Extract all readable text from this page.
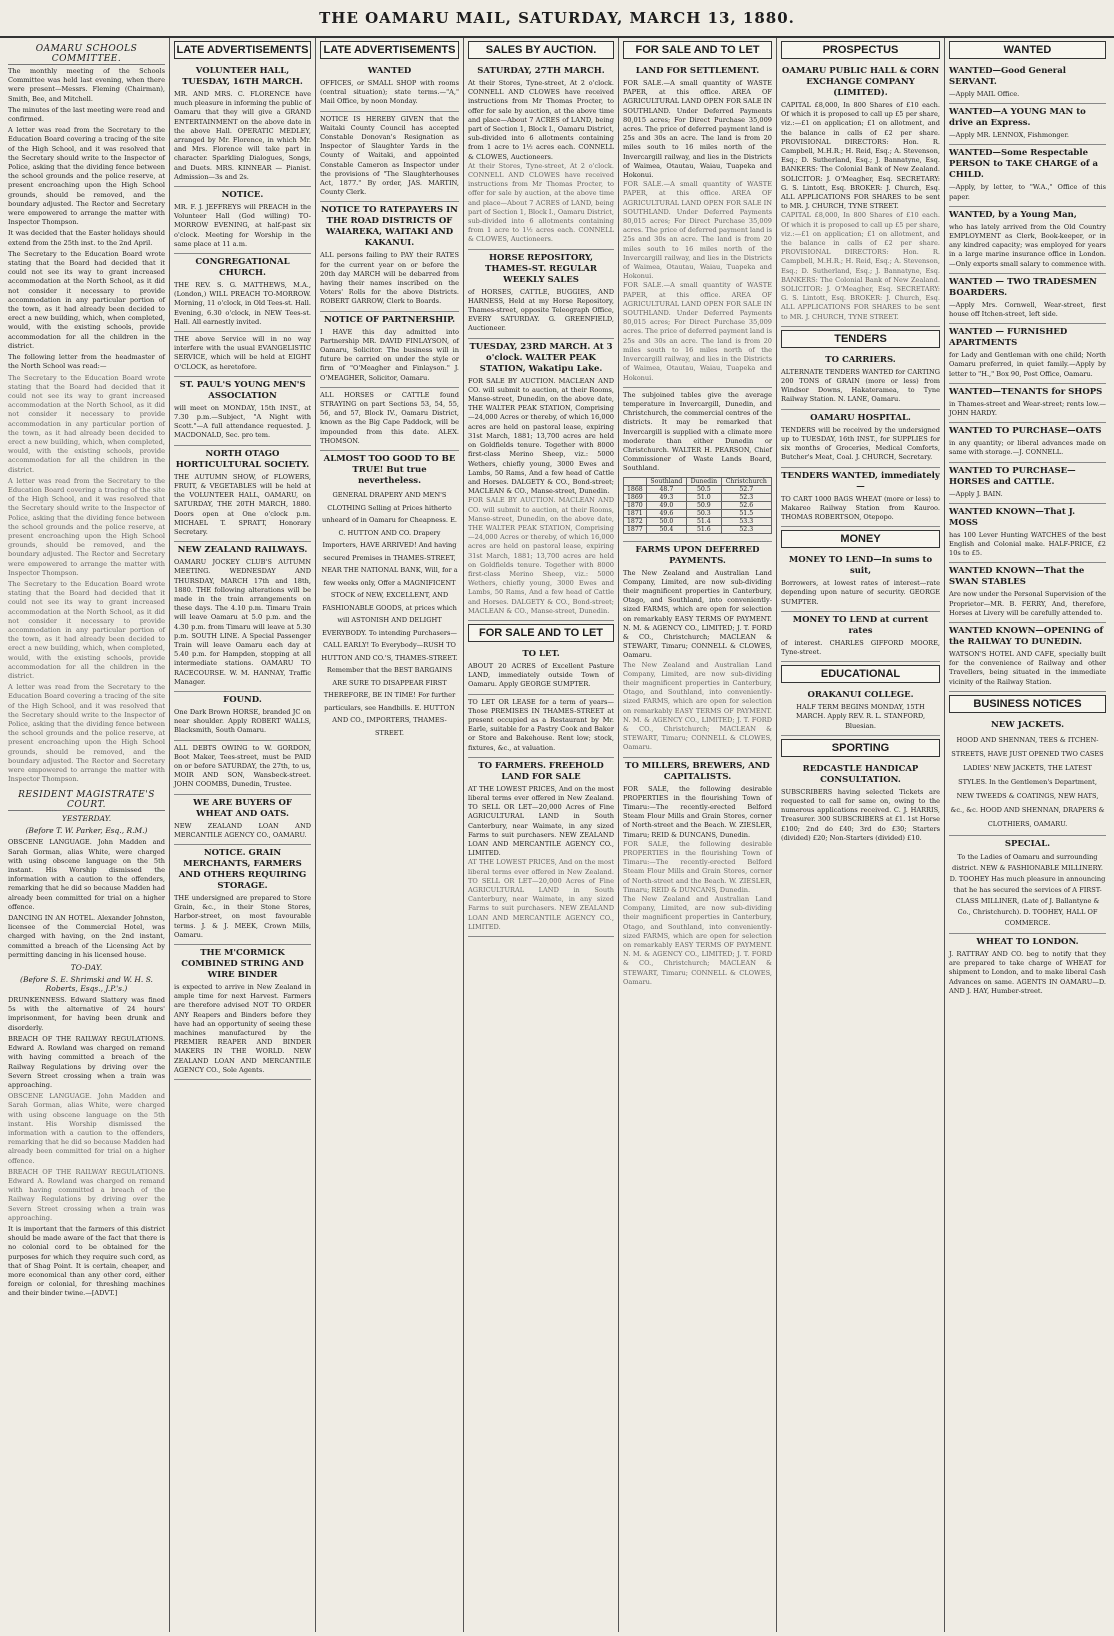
THE OAMARU MAIL, SATURDAY, MARCH 13, 1880.
OAMARU SCHOOLS COMMITTEE.

The monthly meeting of the Schools Committee was held last evening, when there were present—Messrs. Fleming (Chairman), Smith, Bee, and Mitchell.

The minutes of the last meeting were read and confirmed.

A letter was read from the Secretary to the Education Board covering a tracing of the site of the High School, and it was resolved that the Secretary should write to the Inspector of Police, asking that the dividing fence between the school grounds and the police reserve, at present encroaching upon the High School grounds, should be removed, and the boundary adjusted. The Rector and Secretary were empowered to arrange the matter with Inspector Thompson.

It was decided that the Easter holidays should extend from the 25th inst. to the 2nd April.

The Secretary to the Education Board wrote stating that the Board had decided that it could not see its way to grant increased accommodation at the North School, as it did not consider it necessary to provide accommodation in any particular portion of the town, as it had already been decided to erect a new building, which, when completed, would, with the existing schools, provide accommodation for all the children in the district.

The following letter from the headmaster of the North School was read:—

The Secretary to the Education Board wrote stating that the Board had decided that it could not see its way to grant increased accommodation at the North School, as it did not consider it necessary to provide accommodation in any particular portion of the town, as it had already been decided to erect a new building, which, when completed, would, with the existing schools, provide accommodation for all the children in the district.

A letter was read from the Secretary to the Education Board covering a tracing of the site of the High School, and it was resolved that the Secretary should write to the Inspector of Police, asking that the dividing fence between the school grounds and the police reserve, at present encroaching upon the High School grounds, should be removed, and the boundary adjusted. The Rector and Secretary were empowered to arrange the matter with Inspector Thompson.

The Secretary to the Education Board wrote stating that the Board had decided that it could not see its way to grant increased accommodation at the North School, as it did not consider it necessary to provide accommodation in any particular portion of the town, as it had already been decided to erect a new building, which, when completed, would, with the existing schools, provide accommodation for all the children in the district.

A letter was read from the Secretary to the Education Board covering a tracing of the site of the High School, and it was resolved that the Secretary should write to the Inspector of Police, asking that the dividing fence between the school grounds and the police reserve, at present encroaching upon the High School grounds, should be removed, and the boundary adjusted. The Rector and Secretary were empowered to arrange the matter with Inspector Thompson.

RESIDENT MAGISTRATE'S COURT.
YESTERDAY.
(Before T. W. Parker, Esq., R.M.)

OBSCENE LANGUAGE. John Madden and Sarah Gorman, alias White, were charged with using obscene language on the 5th instant. His Worship dismissed the information with a caution to the offenders, remarking that he did so because Madden had already been committed for trial on a higher offence.

DANCING IN AN HOTEL. Alexander Johnston, licensee of the Commercial Hotel, was charged with having, on the 2nd instant, committed a breach of the Licensing Act by permitting dancing in his licensed house.

TO-DAY.
(Before S. E. Shrimski and W. H. S. Roberts, Esqs., J.P.'s.)

DRUNKENNESS. Edward Slattery was fined 5s with the alternative of 24 hours' imprisonment, for having been drunk and disorderly.

BREACH OF THE RAILWAY REGULATIONS. Edward A. Rowland was charged on remand with having committed a breach of the Railway Regulations by driving over the Severn Street crossing when a train was approaching.

OBSCENE LANGUAGE. John Madden and Sarah Gorman, alias White, were charged with using obscene language on the 5th instant. His Worship dismissed the information with a caution to the offenders, remarking that he did so because Madden had already been committed for trial on a higher offence.

BREACH OF THE RAILWAY REGULATIONS. Edward A. Rowland was charged on remand with having committed a breach of the Railway Regulations by driving over the Severn Street crossing when a train was approaching.

It is important that the farmers of this district should be made aware of the fact that there is no colonial cord to be obtained for the purposes for which they require such cord, as that of Shag Point. It is certain, cheaper, and more economical than any other cord, either foreign or colonial, for threshing machines and their binder twine.—[ADVT.]

LATE ADVERTISEMENTS
VOLUNTEER HALL, TUESDAY, 16TH MARCH.
MR. AND MRS. C. FLORENCE have much pleasure in informing the public of Oamaru that they will give a GRAND ENTERTAINMENT on the above date in the above Hall. OPERATIC MEDLEY, arranged by Mr. Florence, in which Mr. and Mrs. Florence will take part in character. Sparkling Dialogues, Songs, and Duets. MRS. KINNEAR — Pianist. Admission—3s and 2s.
NOTICE.
MR. F. J. JEFFREYS will PREACH in the Volunteer Hall (God willing) TO-MORROW EVENING, at half-past six o'clock. Meeting for Worship in the same place at 11 a.m.
CONGREGATIONAL CHURCH.
THE REV. S. G. MATTHEWS, M.A., (London,) WILL PREACH TO-MORROW. Morning, 11 o'clock, in Old Tees-st. Hall. Evening, 6.30 o'clock, in NEW Tees-st. Hall. All earnestly invited.
THE above Service will in no way interfere with the usual EVANGELISTIC SERVICE, which will be held at EIGHT O'CLOCK, as heretofore.
ST. PAUL'S YOUNG MEN'S ASSOCIATION
will meet on MONDAY, 15th INST., at 7.30 p.m.—Subject, "A Night with Scott."—A full attendance requested. J. MACDONALD, Sec. pro tem.
NORTH OTAGO HORTICULTURAL SOCIETY.
THE AUTUMN SHOW, of FLOWERS, FRUIT, & VEGETABLES will be held at the VOLUNTEER HALL, OAMARU, on SATURDAY, THE 20TH MARCH, 1880. Doors open at One o'clock p.m. MICHAEL T. SPRATT, Honorary Secretary.
NEW ZEALAND RAILWAYS.
OAMARU JOCKEY CLUB'S AUTUMN MEETING. WEDNESDAY AND THURSDAY, MARCH 17th and 18th, 1880. THE following alterations will be made in the train arrangements on these days. The 4.10 p.m. Timaru Train will leave Oamaru at 5.0 p.m. and the 4.30 p.m. from Timaru will leave at 5.30 p.m. SOUTH LINE. A Special Passenger Train will leave Oamaru each day at 5.40 p.m. for Hampden, stopping at all intermediate stations. OAMARU TO RACECOURSE. W. M. HANNAY, Traffic Manager.
FOUND.
One Dark Brown HORSE, branded JC on near shoulder. Apply ROBERT WALLS, Blacksmith, South Oamaru.
ALL DEBTS OWING to W. GORDON, Boot Maker, Tees-street, must be PAID on or before SATURDAY, the 27th, to us, MOIR AND SON, Wansbeck-street. JOHN COOMBS, Dunedin, Trustee.
WE ARE BUYERS OF WHEAT AND OATS.
NEW ZEALAND LOAN AND MERCANTILE AGENCY CO., OAMARU.
NOTICE. GRAIN MERCHANTS, FARMERS AND OTHERS REQUIRING STORAGE.
THE undersigned are prepared to Store Grain, &c., in their Stone Stores, Harbor-street, on most favourable terms. J. & J. MEEK, Crown Mills, Oamaru.
THE M'CORMICK COMBINED STRING AND WIRE BINDER
is expected to arrive in New Zealand in ample time for next Harvest. Farmers are therefore advised NOT TO ORDER ANY Reapers and Binders before they have had an opportunity of seeing these machines manufactured by the PREMIER REAPER AND BINDER MAKERS IN THE WORLD. NEW ZEALAND LOAN AND MERCANTILE AGENCY CO., Sole Agents.
LATE ADVERTISEMENTS
WANTED
OFFICES, or SMALL SHOP with rooms (central situation); state terms.—"A," Mail Office, by noon Monday.
NOTICE IS HEREBY GIVEN that the Waitaki County Council has accepted Constable Donovan's Resignation as Inspector of Slaughter Yards in the County of Waitaki, and appointed Constable Cameron as Inspector under the provisions of "The Slaughterhouses Act, 1877." By order, JAS. MARTIN, County Clerk.
NOTICE TO RATEPAYERS IN THE ROAD DISTRICTS OF WAIAREKA, WAITAKI AND KAKANUI.
ALL persons failing to PAY their RATES for the current year on or before the 20th day MARCH will be debarred from having their names inscribed on the Voters' Rolls for the above Districts. ROBERT GARROW, Clerk to Boards.
NOTICE OF PARTNERSHIP.
I HAVE this day admitted into Partnership MR. DAVID FINLAYSON, of Oamaru, Solicitor. The business will in future be carried on under the style or firm of "O'Meagher and Finlayson." J. O'MEAGHER, Solicitor, Oamaru.
ALL HORSES or CATTLE found STRAYING on part Sections 53, 54, 55, 56, and 57, Block IV., Oamaru District, known as the Big Cape Paddock, will be impounded from this date. ALEX. THOMSON.
ALMOST TOO GOOD TO BE TRUE! But true nevertheless.
GENERAL DRAPERY AND MEN'S CLOTHING Selling at Prices hitherto unheard of in Oamaru for Cheapness. E. C. HUTTON AND CO. Drapery Importers, HAVE ARRIVED! And having secured Premises in THAMES-STREET, NEAR THE NATIONAL BANK, Will, for a few weeks only, Offer a MAGNIFICENT STOCK of NEW, EXCELLENT, AND FASHIONABLE GOODS, at prices which will ASTONISH AND DELIGHT EVERYBODY. To intending Purchasers—CALL EARLY! To Everybody—RUSH TO HUTTON AND CO.'S, THAMES-STREET. Remember that the BEST BARGAINS ARE SURE TO DISAPPEAR FIRST THEREFORE, BE IN TIME! For further particulars, see Handbills. E. HUTTON AND CO., IMPORTERS, THAMES-STREET.
SALES BY AUCTION.
SATURDAY, 27TH MARCH.
At their Stores, Tyne-street, At 2 o'clock. CONNELL AND CLOWES have received instructions from Mr Thomas Procter, to offer for sale by auction, at the above time and place—About 7 ACRES of LAND, being part of Section 1, Block I., Oamaru District, sub-divided into 6 allotments containing from 1 acre to 1½ acres each. CONNELL & CLOWES, Auctioneers.
At their Stores, Tyne-street, At 2 o'clock. CONNELL AND CLOWES have received instructions from Mr Thomas Procter, to offer for sale by auction, at the above time and place—About 7 ACRES of LAND, being part of Section 1, Block I., Oamaru District, sub-divided into 6 allotments containing from 1 acre to 1½ acres each. CONNELL & CLOWES, Auctioneers.
HORSE REPOSITORY, THAMES-ST. REGULAR WEEKLY SALES
of HORSES, CATTLE, BUGGIES, AND HARNESS, Held at my Horse Repository, Thames-street, opposite Teleograph Office, EVERY SATURDAY. G. GREENFIELD, Auctioneer.
TUESDAY, 23RD MARCH. At 3 o'clock. WALTER PEAK STATION, Wakatipu Lake.
FOR SALE BY AUCTION. MACLEAN AND CO. will submit to auction, at their Rooms, Manse-street, Dunedin, on the above date, THE WALTER PEAK STATION, Comprising—24,000 Acres or thereby, of which 16,000 acres are held on pastoral lease, expiring 31st March, 1881; 13,700 acres are held on Goldfields tenure. Together with 8000 first-class Merino Sheep, viz.: 5000 Wethers, chiefly young, 3000 Ewes and Lambs, 50 Rams, And a few head of Cattle and Horses. DALGETY & CO., Bond-street; MACLEAN & CO., Manse-street, Dunedin.
FOR SALE BY AUCTION. MACLEAN AND CO. will submit to auction, at their Rooms, Manse-street, Dunedin, on the above date, THE WALTER PEAK STATION, Comprising—24,000 Acres or thereby, of which 16,000 acres are held on pastoral lease, expiring 31st March, 1881; 13,700 acres are held on Goldfields tenure. Together with 8000 first-class Merino Sheep, viz.: 5000 Wethers, chiefly young, 3000 Ewes and Lambs, 50 Rams, And a few head of Cattle and Horses. DALGETY & CO., Bond-street; MACLEAN & CO., Manse-street, Dunedin.
FOR SALE AND TO LET
TO LET.
ABOUT 20 ACRES of Excellent Pasture LAND, immediately outside Town of Oamaru. Apply GEORGE SUMPTER.
TO LET OR LEASE for a term of years—Those PREMISES IN THAMES-STREET at present occupied as a Restaurant by Mr. Earle, suitable for a Pastry Cook and Baker or Store and Bakehouse. Rent low; stock, fixtures, &c., at valuation.
TO FARMERS. FREEHOLD LAND FOR SALE
AT THE LOWEST PRICES, And on the most liberal terms ever offered in New Zealand. TO SELL OR LET—20,000 Acres of Fine AGRICULTURAL LAND in South Canterbury, near Waimate, in any sized Farms to suit purchasers. NEW ZEALAND LOAN AND MERCANTILE AGENCY CO., LIMITED.
AT THE LOWEST PRICES, And on the most liberal terms ever offered in New Zealand. TO SELL OR LET—20,000 Acres of Fine AGRICULTURAL LAND in South Canterbury, near Waimate, in any sized Farms to suit purchasers. NEW ZEALAND LOAN AND MERCANTILE AGENCY CO., LIMITED.
FOR SALE AND TO LET
LAND FOR SETTLEMENT.
FOR SALE.—A small quantity of WASTE PAPER, at this office. AREA OF AGRICULTURAL LAND OPEN FOR SALE IN SOUTHLAND. Under Deferred Payments 80,015 acres; For Direct Purchase 35,009 acres. The price of deferred payment land is 25s and 30s an acre. The land is from 20 miles south to 16 miles north of the Invercargill railway, and lies in the Districts of Waimea, Otautau, Waiau, Tuapeka and Hokonui.
FOR SALE.—A small quantity of WASTE PAPER, at this office. AREA OF AGRICULTURAL LAND OPEN FOR SALE IN SOUTHLAND. Under Deferred Payments 80,015 acres; For Direct Purchase 35,009 acres. The price of deferred payment land is 25s and 30s an acre. The land is from 20 miles south to 16 miles north of the Invercargill railway, and lies in the Districts of Waimea, Otautau, Waiau, Tuapeka and Hokonui.
FOR SALE.—A small quantity of WASTE PAPER, at this office. AREA OF AGRICULTURAL LAND OPEN FOR SALE IN SOUTHLAND. Under Deferred Payments 80,015 acres; For Direct Purchase 35,009 acres. The price of deferred payment land is 25s and 30s an acre. The land is from 20 miles south to 16 miles north of the Invercargill railway, and lies in the Districts of Waimea, Otautau, Waiau, Tuapeka and Hokonui.
The subjoined tables give the average temperature in Invercargill, Dunedin, and Christchurch, the commercial centres of the districts. It may be remarked that Invercargill is supplied with a climate more moderate than either Dunedin or Christchurch. WALTER H. PEARSON, Chief Commissioner of Waste Lands Board, Southland.
	Southland	Dunedin	Christchurch
1868	48.7	50.5	52.7
1869	49.3	51.0	52.3
1870	49.0	50.9	52.6
1871	49.6	50.3	51.5
1872	50.0	51.4	53.3
1877	50.4	51.6	52.3
FARMS UPON DEFERRED PAYMENTS.
The New Zealand and Australian Land Company, Limited, are now sub-dividing their magnificent properties in Canterbury, Otago, and Southland, into conveniently-sized FARMS, which are open for selection on remarkably EASY TERMS OF PAYMENT. N. M. & AGENCY CO., LIMITED; J. T. FORD & CO., Christchurch; MACLEAN & STEWART, Timaru; CONNELL & CLOWES, Oamaru.
The New Zealand and Australian Land Company, Limited, are now sub-dividing their magnificent properties in Canterbury, Otago, and Southland, into conveniently-sized FARMS, which are open for selection on remarkably EASY TERMS OF PAYMENT. N. M. & AGENCY CO., LIMITED; J. T. FORD & CO., Christchurch; MACLEAN & STEWART, Timaru; CONNELL & CLOWES, Oamaru.
TO MILLERS, BREWERS, AND CAPITALISTS.
FOR SALE, the following desirable PROPERTIES in the flourishing Town of Timaru:—The recently-erected Belford Steam Flour Mills and Grain Stores, corner of North-street and the Beach. W. ZIESLER, Timaru; REID & DUNCANS, Dunedin.
FOR SALE, the following desirable PROPERTIES in the flourishing Town of Timaru:—The recently-erected Belford Steam Flour Mills and Grain Stores, corner of North-street and the Beach. W. ZIESLER, Timaru; REID & DUNCANS, Dunedin.
The New Zealand and Australian Land Company, Limited, are now sub-dividing their magnificent properties in Canterbury, Otago, and Southland, into conveniently-sized FARMS, which are open for selection on remarkably EASY TERMS OF PAYMENT. N. M. & AGENCY CO., LIMITED; J. T. FORD & CO., Christchurch; MACLEAN & STEWART, Timaru; CONNELL & CLOWES, Oamaru.
PROSPECTUS
OAMARU PUBLIC HALL & CORN EXCHANGE COMPANY (LIMITED).
CAPITAL £8,000, In 800 Shares of £10 each. Of which it is proposed to call up £5 per share, viz.:—£1 on application; £1 on allotment, and the balance in calls of £2 per share. PROVISIONAL DIRECTORS: Hon. R. Campbell, M.H.R.; H. Reid, Esq.; A. Stevenson, Esq.; D. Sutherland, Esq.; J. Bannatyne, Esq. BANKERS: The Colonial Bank of New Zealand. SOLICITOR: J. O'Meagher, Esq. SECRETARY: G. S. Lintott, Esq. BROKER: J. Church, Esq. ALL APPLICATIONS FOR SHARES to be sent to MR. J. CHURCH, TYNE STREET.
CAPITAL £8,000, In 800 Shares of £10 each. Of which it is proposed to call up £5 per share, viz.:—£1 on application; £1 on allotment, and the balance in calls of £2 per share. PROVISIONAL DIRECTORS: Hon. R. Campbell, M.H.R.; H. Reid, Esq.; A. Stevenson, Esq.; D. Sutherland, Esq.; J. Bannatyne, Esq. BANKERS: The Colonial Bank of New Zealand. SOLICITOR: J. O'Meagher, Esq. SECRETARY: G. S. Lintott, Esq. BROKER: J. Church, Esq. ALL APPLICATIONS FOR SHARES to be sent to MR. J. CHURCH, TYNE STREET.
TENDERS
TO CARRIERS.
ALTERNATE TENDERS WANTED for CARTING 200 TONS of GRAIN (more or less) from Windsor Downs, Hakateramea, to Tyne Railway Station. N. LANE, Oamaru.
OAMARU HOSPITAL.
TENDERS will be received by the undersigned up to TUESDAY, 16th INST., for SUPPLIES for six months of Groceries, Medical Comforts, Butcher's Meat, Coal. J. CHURCH, Secretary.
TENDERS WANTED, immediately—
TO CART 1000 BAGS WHEAT (more or less) to Makareo Railway Station from Kauroo. THOMAS ROBERTSON, Otepopo.
MONEY
MONEY TO LEND—In sums to suit,
Borrowers, at lowest rates of interest—rate depending upon nature of security. GEORGE SUMPTER.
MONEY TO LEND at current rates
of interest. CHARLES GIFFORD MOORE, Tyne-street.
EDUCATIONAL
ORAKANUI COLLEGE.
HALF TERM BEGINS MONDAY, 15TH MARCH. Apply REV. R. L. STANFORD, Bluesian.
SPORTING
REDCASTLE HANDICAP CONSULTATION.
SUBSCRIBERS having selected Tickets are requested to call for same on, owing to the numerous applications received. C. J. HARRIS, Treasurer. 300 SUBSCRIBERS at £1. 1st Horse £100; 2nd do £40; 3rd do £30; Starters (divided) £20; Non-Starters (divided) £10.
WANTED
WANTED—Good General SERVANT.
—Apply MAIL Office.
WANTED—A YOUNG MAN to drive an Express.
—Apply MR. LENNOX, Fishmonger.
WANTED—Some Respectable PERSON to TAKE CHARGE of a CHILD.
—Apply, by letter, to "W.A.," Office of this paper.
WANTED, by a Young Man,
who has lately arrived from the Old Country EMPLOYMENT as Clerk, Book-keeper, or in any kindred capacity; was employed for years in a large marine insurance office in London.—Only exports small salary to commence with.
WANTED — TWO TRADESMEN BOARDERS.
—Apply Mrs. Cornwell, Wear-street, first house off Itchen-street, left side.
WANTED — FURNISHED APARTMENTS
for Lady and Gentleman with one child; North Oamaru preferred, in quiet family.—Apply by letter to "H.," Box 90, Post Office, Oamaru.
WANTED—TENANTS for SHOPS
in Thames-street and Wear-street; rents low.—JOHN HARDY.
WANTED TO PURCHASE—OATS
in any quantity; or liberal advances made on same with storage.—J. CONNELL.
WANTED TO PURCHASE—HORSES and CATTLE.
—Apply J. BAIN.
WANTED KNOWN—That J. MOSS
has 100 Lever Hunting WATCHES of the best English and Colonial make. HALF-PRICE, £2 10s to £5.
WANTED KNOWN—That the SWAN STABLES
Are now under the Personal Supervision of the Proprietor—MR. B. FERRY, And, therefore, Horses at Livery will be carefully attended to.
WANTED KNOWN—OPENING of the RAILWAY TO DUNEDIN.
WATSON'S HOTEL AND CAFE, specially built for the convenience of Railway and other Travellers, being situated in the immediate vicinity of the Railway Station.
BUSINESS NOTICES
NEW JACKETS.
HOOD AND SHENNAN, TEES & ITCHEN-STREETS, HAVE JUST OPENED TWO CASES LADIES' NEW JACKETS, THE LATEST STYLES. In the Gentlemen's Department, NEW TWEEDS & COATINGS, NEW HATS, &c., &c. HOOD AND SHENNAN, DRAPERS & CLOTHIERS, OAMARU.
SPECIAL.
To the Ladies of Oamaru and surrounding district. NEW & FASHIONABLE MILLINERY. D. TOOHEY Has much pleasure in announcing that he has secured the services of A FIRST-CLASS MILLINER, (Late of J. Ballantyne & Co., Christchurch). D. TOOHEY, HALL OF COMMERCE.
WHEAT TO LONDON.
J. RATTRAY AND CO. beg to notify that they are prepared to take charge of WHEAT for shipment to London, and to make liberal Cash Advances on same. AGENTS IN OAMARU—D. AND J. HAY, Humber-street.
